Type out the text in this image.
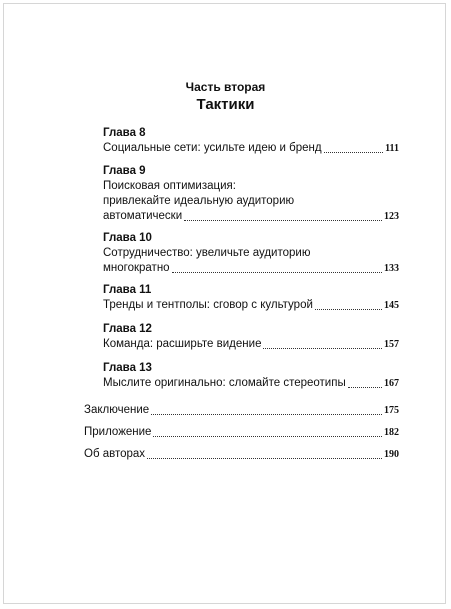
Часть вторая
Тактики
Глава 8
Социальные сети: усильте идею и бренд	111
Глава 9
Поисковая оптимизация:
привлекайте идеальную аудиторию
автоматически	123
Глава 10
Сотрудничество: увеличьте аудиторию
многократно	133
Глава 11
Тренды и тентполы: сговор с культурой	145
Глава 12
Команда: расширьте видение	157
Глава 13
Мыслите оригинально: сломайте стереотипы	167
Заключение	175
Приложение	182
Об авторах	190
